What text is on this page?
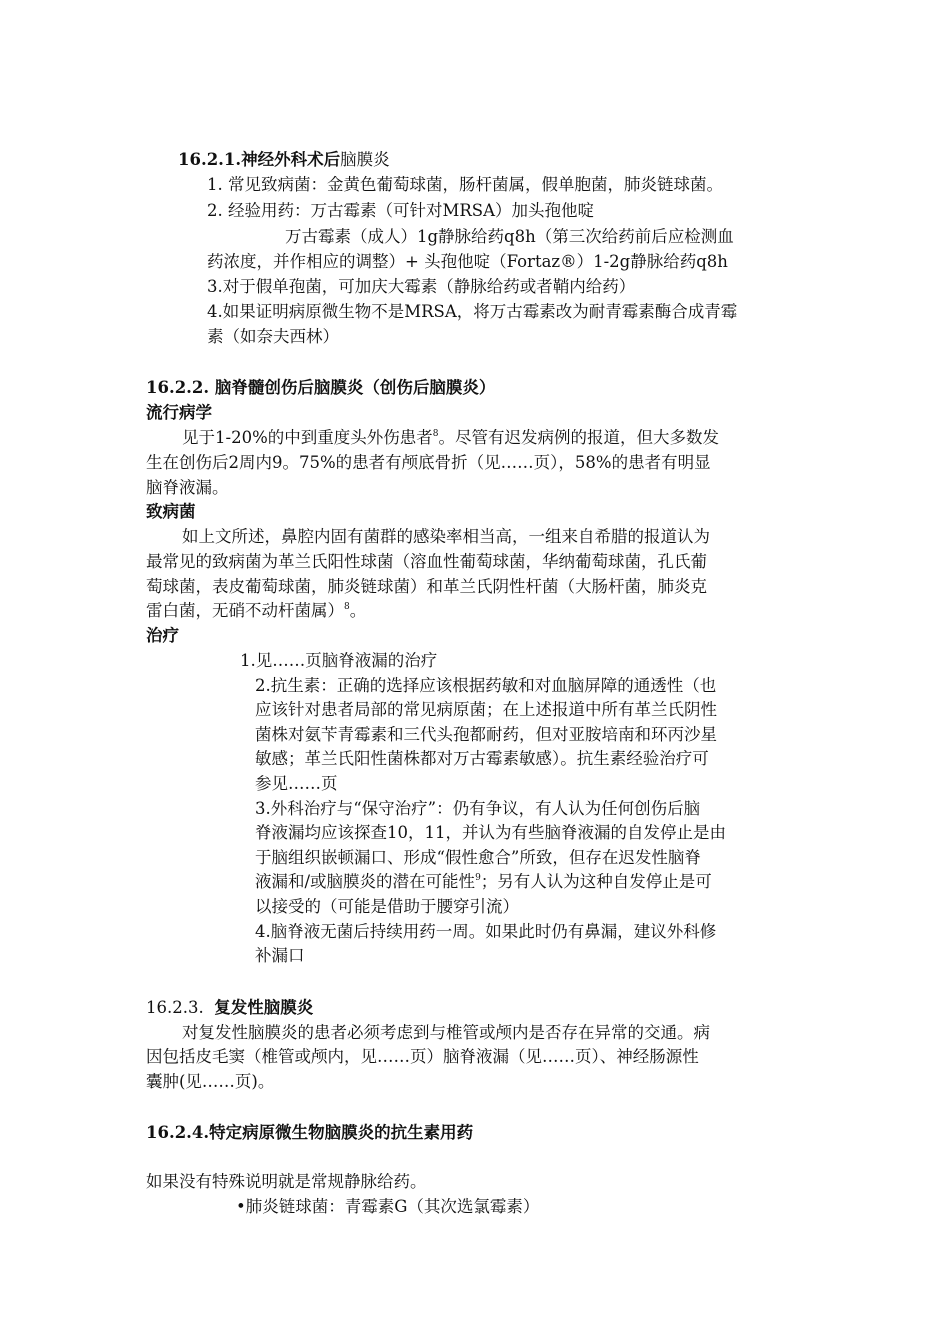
16.2.1.神经外科术后脑膜炎
1. 常见致病菌：金黄色葡萄球菌，肠杆菌属，假单胞菌，肺炎链球菌。
2. 经验用药：万古霉素（可针对MRSA）加头孢他啶
万古霉素（成人）1g静脉给药q8h（第三次给药前后应检测血
药浓度，并作相应的调整）+ 头孢他啶（Fortaz®）1-2g静脉给药q8h
3.对于假单孢菌，可加庆大霉素（静脉给药或者鞘内给药）
4.如果证明病原微生物不是MRSA，将万古霉素改为耐青霉素酶合成青霉
素（如奈夫西林）
16.2.2. 脑脊髓创伤后脑膜炎（创伤后脑膜炎）
流行病学
见于1-20%的中到重度头外伤患者$^8$。尽管有迟发病例的报道，但大多数发
生在创伤后2周内9。75%的患者有颅底骨折（见……页），58%的患者有明显
脑脊液漏。
致病菌
如上文所述，鼻腔内固有菌群的感染率相当高，一组来自希腊的报道认为
最常见的致病菌为革兰氏阳性球菌（溶血性葡萄球菌，华纳葡萄球菌，孔氏葡
萄球菌，表皮葡萄球菌，肺炎链球菌）和革兰氏阴性杆菌（大肠杆菌，肺炎克
雷白菌，无硝不动杆菌属）$^8$。
治疗
1.见……页脑脊液漏的治疗
2.抗生素：正确的选择应该根据药敏和对血脑屏障的通透性（也
应该针对患者局部的常见病原菌；在上述报道中所有革兰氏阴性
菌株对氨苄青霉素和三代头孢都耐药，但对亚胺培南和环丙沙星
敏感；革兰氏阳性菌株都对万古霉素敏感）。抗生素经验治疗可
参见……页
3.外科治疗与“保守治疗”：仍有争议，有人认为任何创伤后脑
脊液漏均应该探查10，11，并认为有些脑脊液漏的自发停止是由
于脑组织嵌顿漏口、形成“假性愈合”所致，但存在迟发性脑脊
液漏和/或脑膜炎的潜在可能性$^9$；另有人认为这种自发停止是可
以接受的（可能是借助于腰穿引流）
4.脑脊液无菌后持续用药一周。如果此时仍有鼻漏，建议外科修
补漏口
16.2.3. 复发性脑膜炎
对复发性脑膜炎的患者必须考虑到与椎管或颅内是否存在异常的交通。病
因包括皮毛窦（椎管或颅内，见……页）脑脊液漏（见……页）、神经肠源性
囊肿(见……页)。
16.2.4.特定病原微生物脑膜炎的抗生素用药
如果没有特殊说明就是常规静脉给药。
•肺炎链球菌：青霉素G（其次选氯霉素）
